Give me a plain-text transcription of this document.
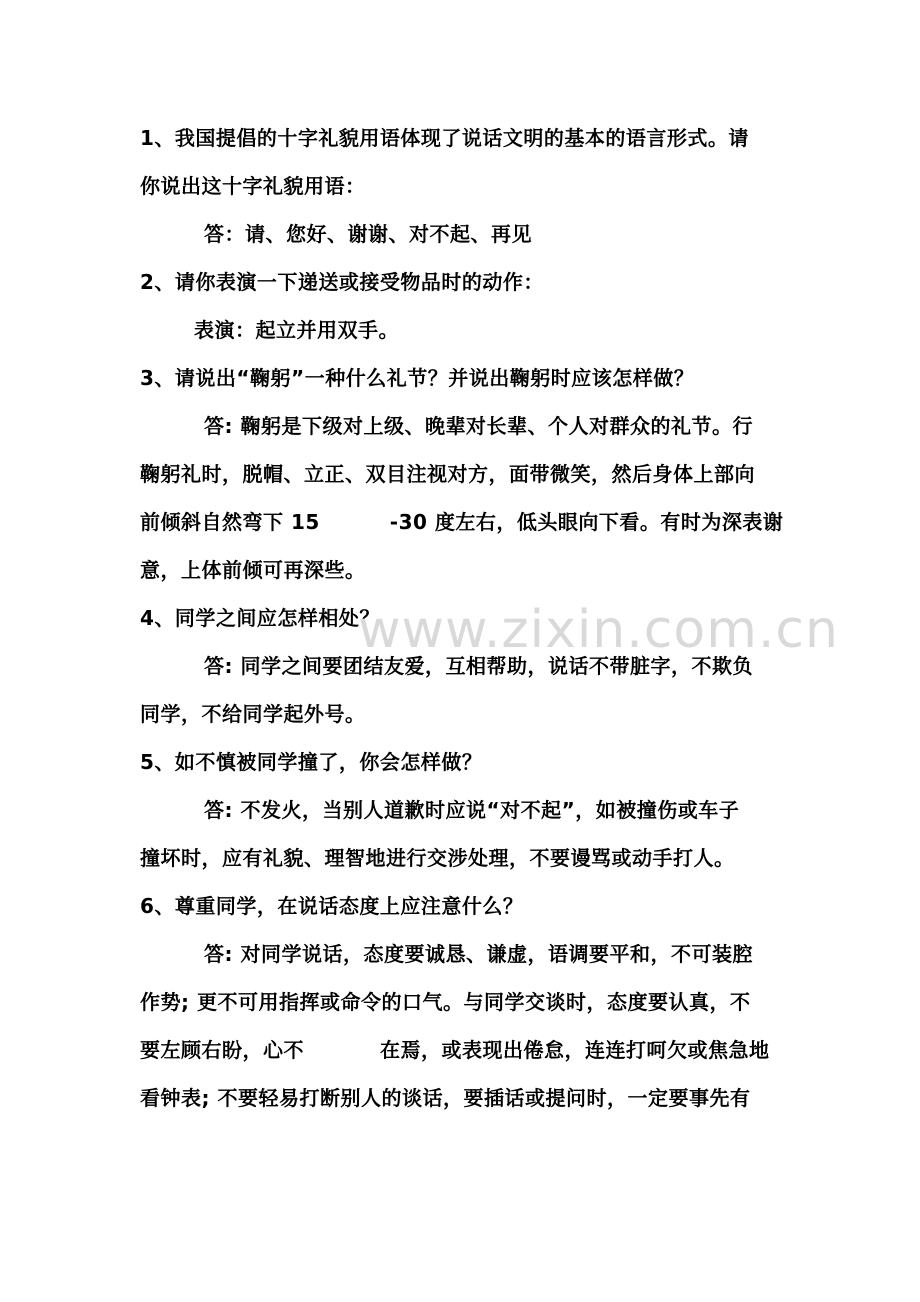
1、我国提倡的十字礼貌用语体现了说话文明的基本的语言形式。请
你说出这十字礼貌用语：
答：请、您好、谢谢、对不起、再见
2、请你表演一下递送或接受物品时的动作：
表演：起立并用双手。
3、请说出“鞠躬”一种什么礼节？并说出鞠躬时应该怎样做？
答: 鞠躬是下级对上级、晚辈对长辈、个人对群众的礼节。行
鞠躬礼时，脱帽、立正、双目注视对方，面带微笑，然后身体上部向
前倾斜自然弯下 15	-30 度左右，低头眼向下看。有时为深表谢
意，上体前倾可再深些。
4、同学之间应怎样相处？
答: 同学之间要团结友爱，互相帮助，说话不带脏字，不欺负
同学，不给同学起外号。
5、如不慎被同学撞了，你会怎样做？
答: 不发火，当别人道歉时应说“对不起”，如被撞伤或车子
撞坏时，应有礼貌、理智地进行交涉处理，不要谩骂或动手打人。
6、尊重同学，在说话态度上应注意什么？
答: 对同学说话，态度要诚恳、谦虚，语调要平和，不可装腔
作势; 更不可用指挥或命令的口气。与同学交谈时，态度要认真，不
要左顾右盼，心不	在焉，或表现出倦怠，连连打呵欠或焦急地
看钟表; 不要轻易打断别人的谈话，要插话或提问时，一定要事先有
www.zixin.com.cn
